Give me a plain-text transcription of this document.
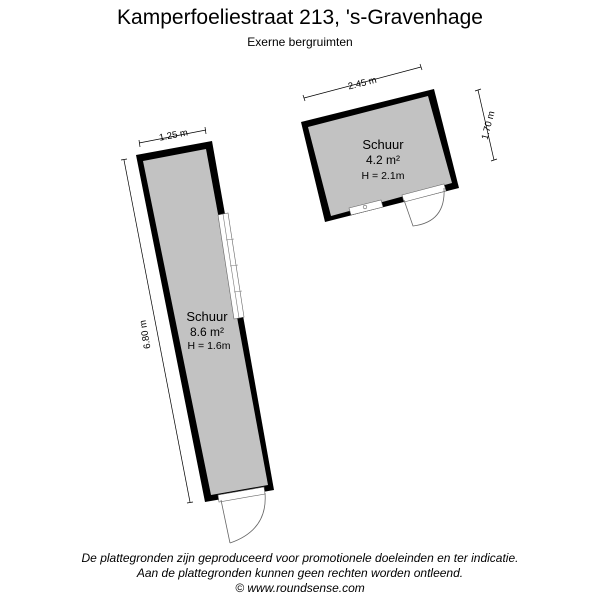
Kamperfoeliestraat 213, 's-Gravenhage
Exerne bergruimten
1.25 m
6.80 m
2.45 m
1.70 m
Schuur
8.6 m²
H = 1.6m
Schuur
4.2 m²
H = 2.1m
De plattegronden zijn geproduceerd voor promotionele doeleinden en ter indicatie.
Aan de plattegronden kunnen geen rechten worden ontleend.
© www.roundsense.com
